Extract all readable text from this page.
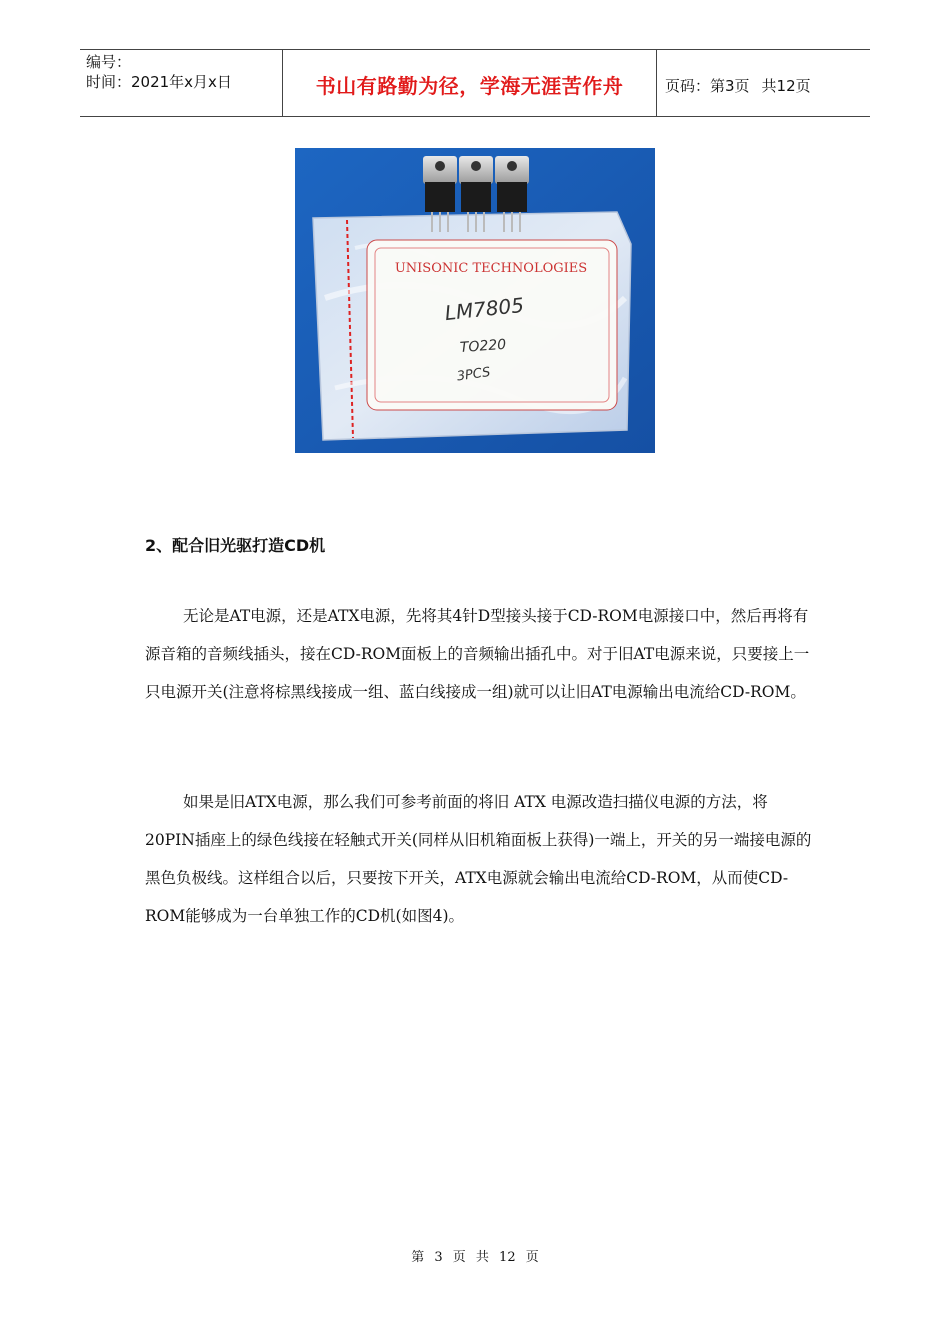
编号：
时间：2021年x月x日	书山有路勤为径，学海无涯苦作舟	页码：第3页 共12页
UNISONIC TECHNOLOGIES
LM7805
TO220
3PCS
2、配合旧光驱打造CD机

无论是AT电源，还是ATX电源，先将其4针D型接头接于CD-ROM电源接口中，然后再将有源音箱的音频线插头，接在CD-ROM面板上的音频输出插孔中。对于旧AT电源来说，只要接上一只电源开关(注意将棕黑线接成一组、蓝白线接成一组)就可以让旧AT电源输出电流给CD-ROM。

如果是旧ATX电源，那么我们可参考前面的将旧 ATX 电源改造扫描仪电源的方法，将20PIN插座上的绿色线接在轻触式开关(同样从旧机箱面板上获得)一端上，开关的另一端接电源的黑色负极线。这样组合以后，只要按下开关，ATX电源就会输出电流给CD-ROM，从而使CD-ROM能够成为一台单独工作的CD机(如图4)。

第 3 页 共 12 页
